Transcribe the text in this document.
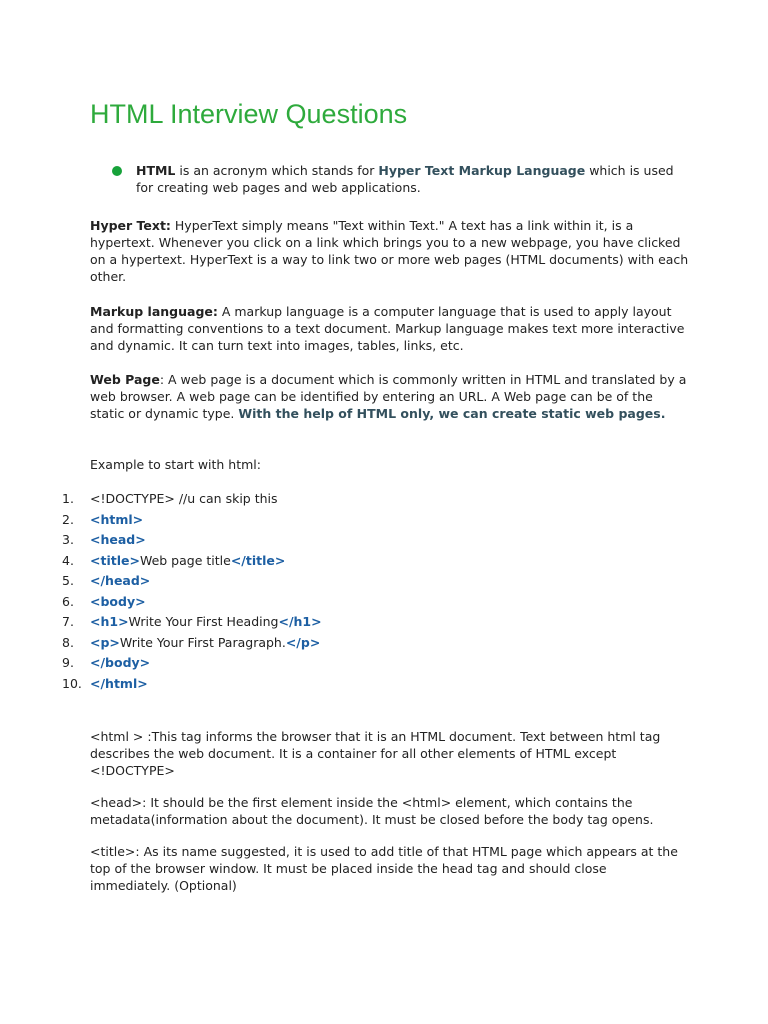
HTML Interview Questions
HTML is an acronym which stands for Hyper Text Markup Language which is used for creating web pages and web applications.
Hyper Text: HyperText simply means "Text within Text." A text has a link within it, is a hypertext. Whenever you click on a link which brings you to a new webpage, you have clicked on a hypertext. HyperText is a way to link two or more web pages (HTML documents) with each other.
Markup language: A markup language is a computer language that is used to apply layout and formatting conventions to a text document. Markup language makes text more interactive and dynamic. It can turn text into images, tables, links, etc.
Web Page: A web page is a document which is commonly written in HTML and translated by a web browser. A web page can be identified by entering an URL. A Web page can be of the static or dynamic type. With the help of HTML only, we can create static web pages.
Example to start with html:
1. <!DOCTYPE> //u can skip this
2. <html>
3. <head>
4. <title>Web page title</title>
5. </head>
6. <body>
7. <h1>Write Your First Heading</h1>
8. <p>Write Your First Paragraph.</p>
9. </body>
10. </html>
<html > :This tag informs the browser that it is an HTML document. Text between html tag describes the web document. It is a container for all other elements of HTML except <!DOCTYPE>
<head>: It should be the first element inside the <html> element, which contains the metadata(information about the document). It must be closed before the body tag opens.
<title>: As its name suggested, it is used to add title of that HTML page which appears at the top of the browser window. It must be placed inside the head tag and should close immediately. (Optional)
